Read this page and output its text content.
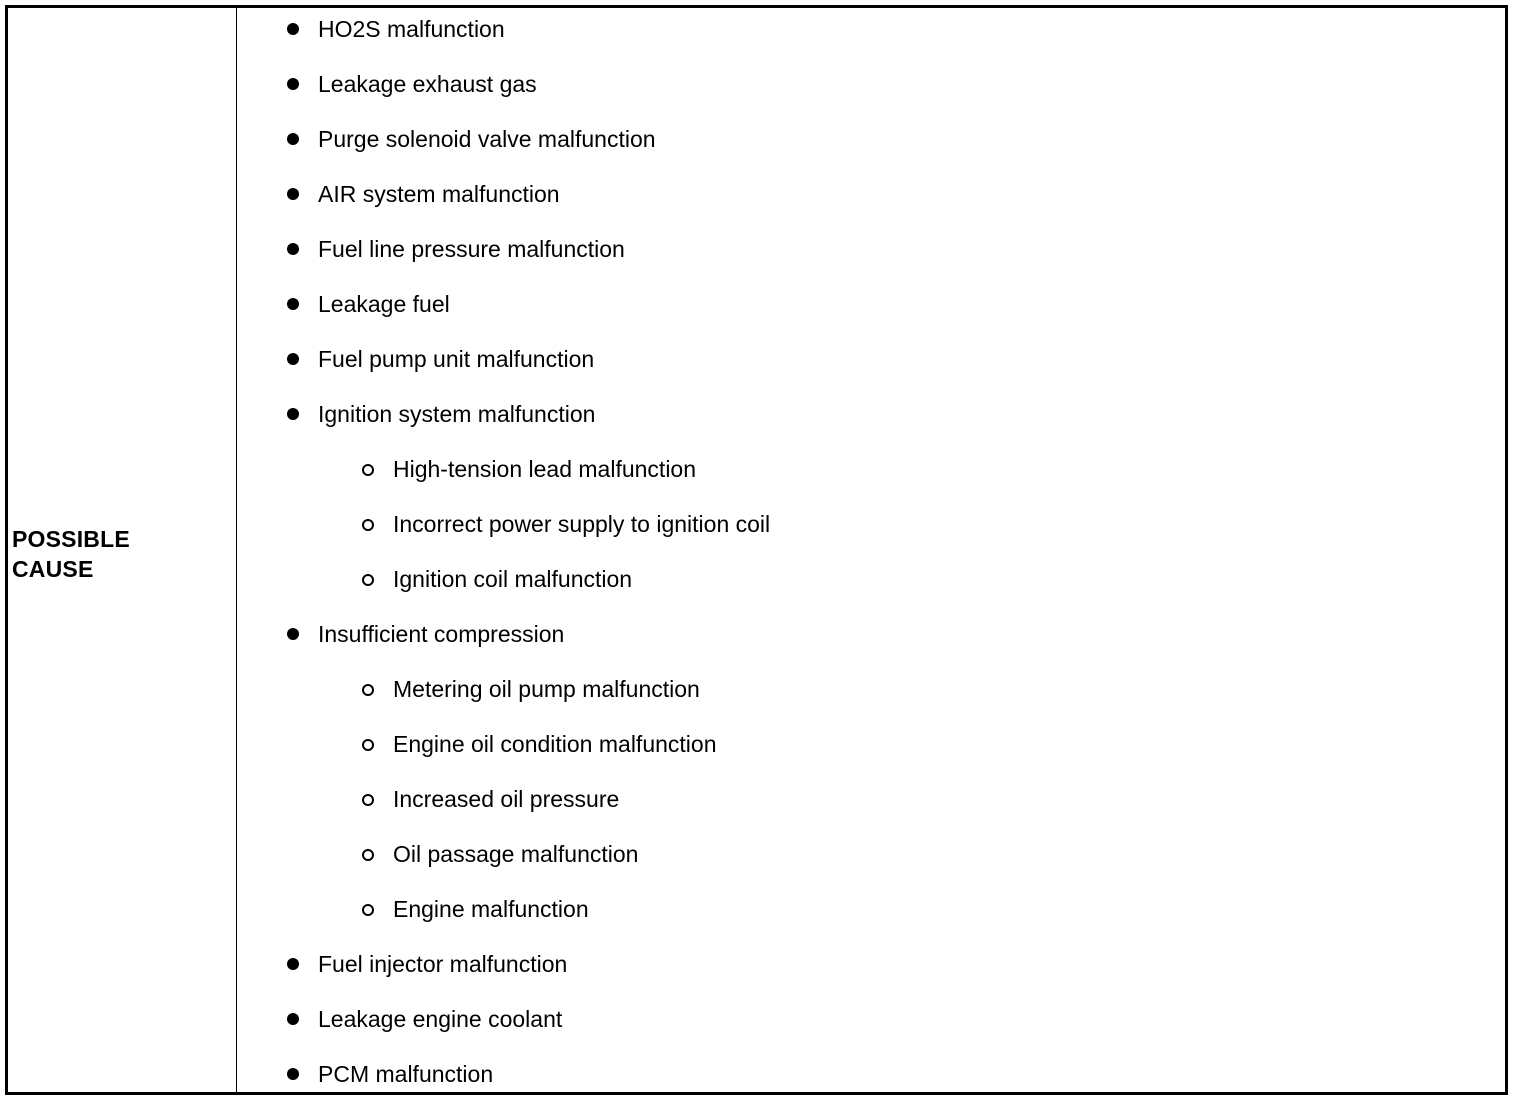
POSSIBLE
CAUSE
HO2S malfunction
Leakage exhaust gas
Purge solenoid valve malfunction
AIR system malfunction
Fuel line pressure malfunction
Leakage fuel
Fuel pump unit malfunction
Ignition system malfunction
High-tension lead malfunction
Incorrect power supply to ignition coil
Ignition coil malfunction
Insufficient compression
Metering oil pump malfunction
Engine oil condition malfunction
Increased oil pressure
Oil passage malfunction
Engine malfunction
Fuel injector malfunction
Leakage engine coolant
PCM malfunction
